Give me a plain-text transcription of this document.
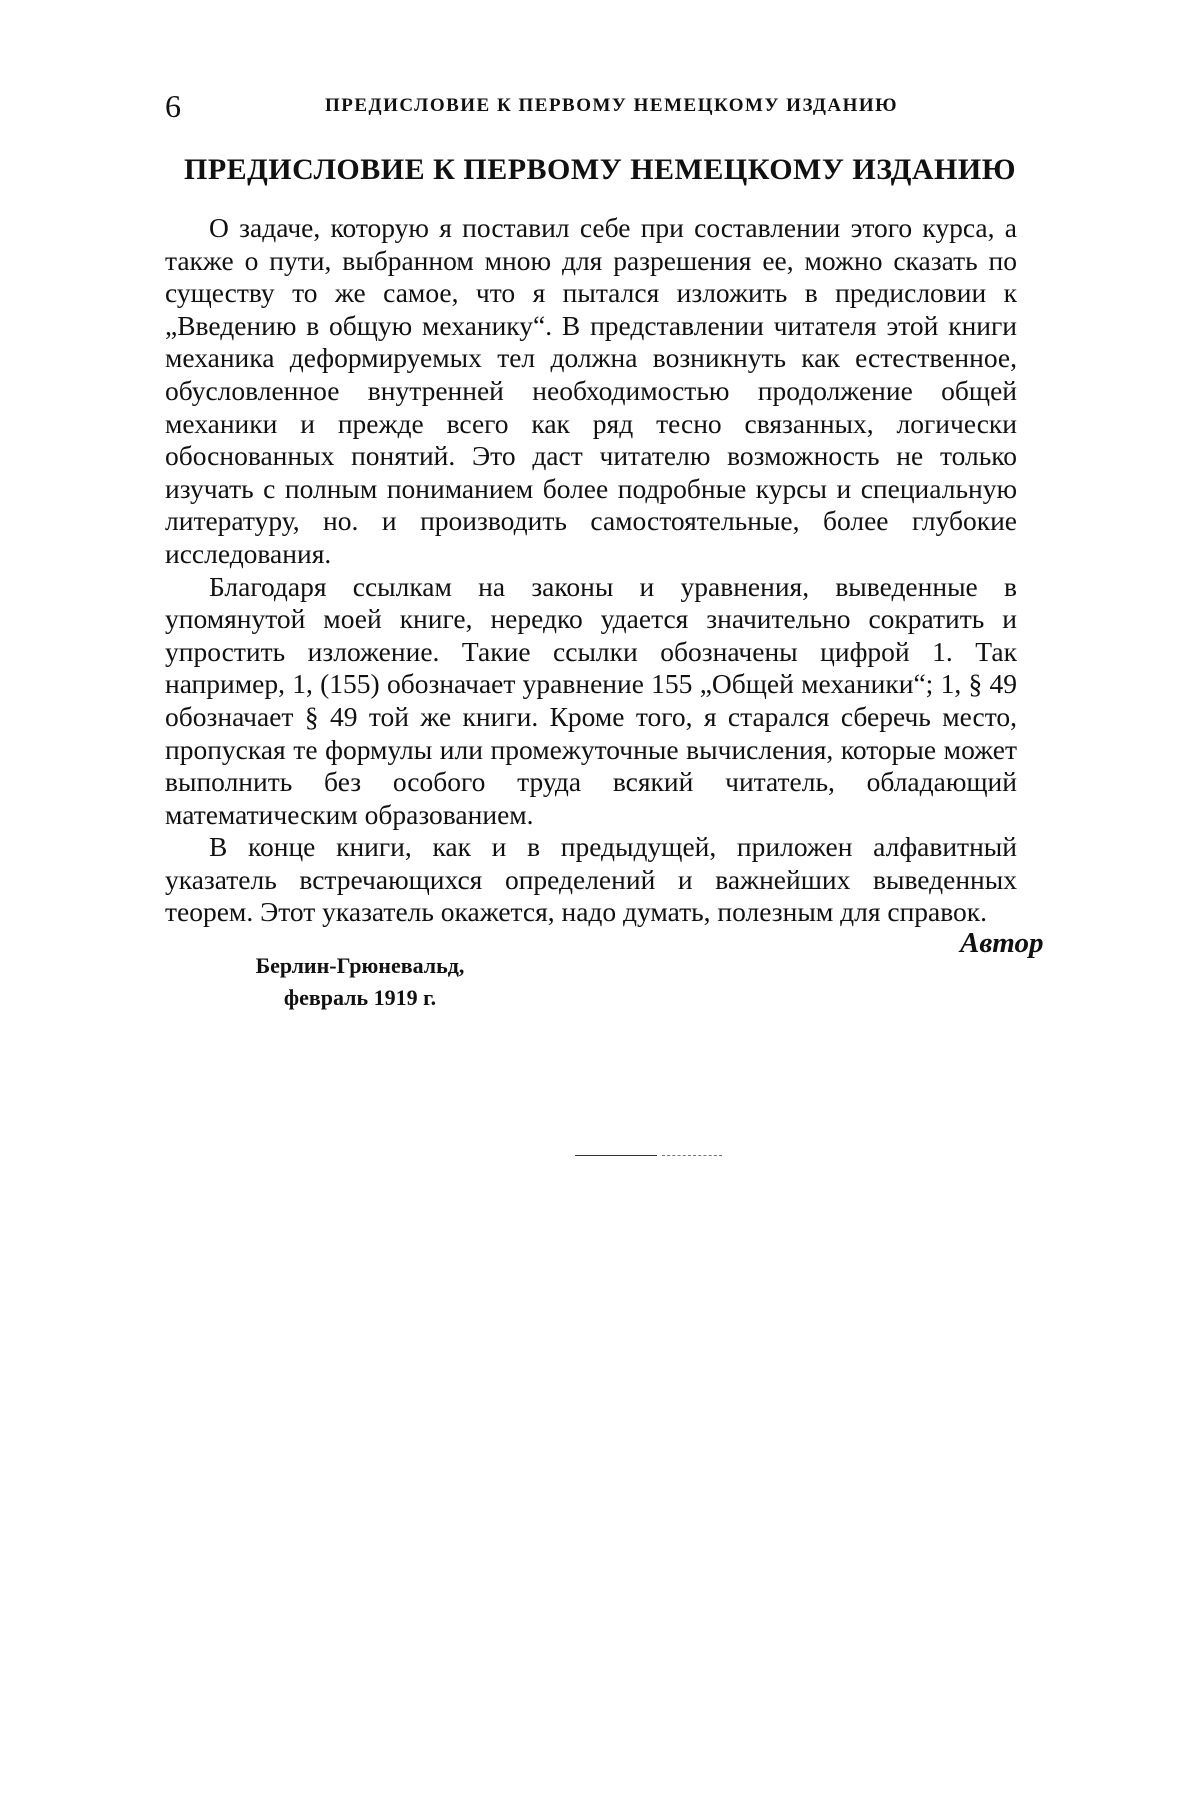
6	ПРЕДИСЛОВИЕ К ПЕРВОМУ НЕМЕЦКОМУ ИЗДАНИЮ
ПРЕДИСЛОВИЕ К ПЕРВОМУ НЕМЕЦКОМУ ИЗДАНИЮ

О задаче, которую я поставил себе при составлении этого курса, а также о пути, выбранном мною для разрешения ее, можно сказать по существу то же самое, что я пытался изложить в предисловии к „Введению в общую механику“. В представлении читателя этой книги механика деформируемых тел должна возникнуть как естественное, обусловленное внутренней необходимостью продолжение общей механики и прежде всего как ряд тесно связанных, логически обоснованных понятий. Это даст читателю возможность не только изучать с полным пониманием более подробные курсы и специальную литературу, но. и производить самостоятельные, более глубокие исследования.

Благодаря ссылкам на законы и уравнения, выведенные в упомянутой моей книге, нередко удается значительно сократить и упростить изложение. Такие ссылки обозначены цифрой 1. Так например, 1, (155) обозначает уравнение 155 „Общей механики“; 1, § 49 обозначает § 49 той же книги. Кроме того, я старался сберечь место, пропуская те формулы или промежуточные вычисления, которые может выполнить без особого труда всякий читатель, обладающий математическим образованием.

В конце книги, как и в предыдущей, приложен алфавитный указатель встречающихся определений и важнейших выведенных теорем. Этот указатель окажется, надо думать, полезным для справок.

Автор
Берлин-Грюневальд,
февраль 1919 г.
